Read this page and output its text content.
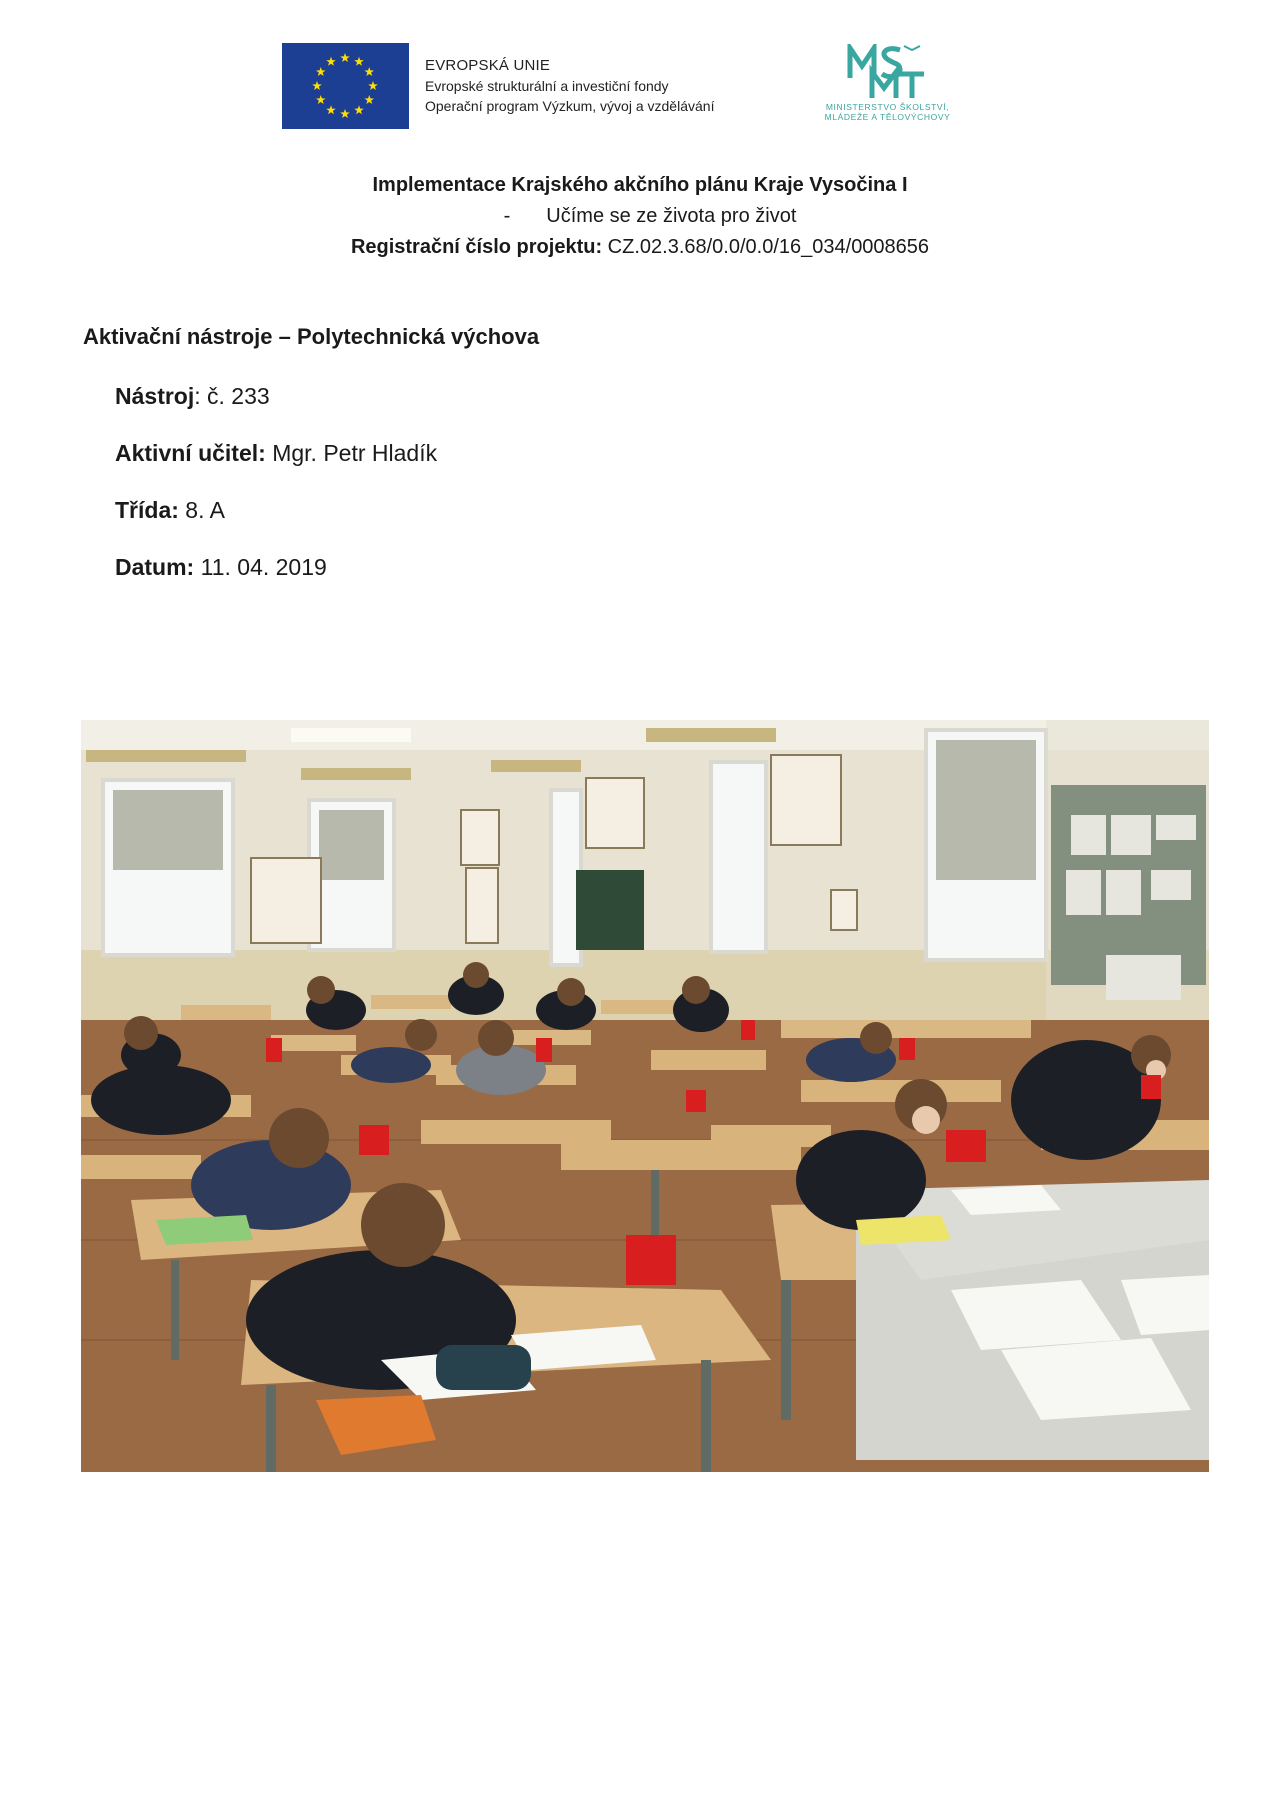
EVROPSKÁ UNIE
Evropské strukturální a investiční fondy
Operační program Výzkum, vývoj a vzdělávání	MINISTERSTVO ŠKOLSTVÍ,
MLÁDEŽE A TĚLOVÝCHOVY
Implementace Krajského akčního plánu Kraje Vysočina I
- Učíme se ze života pro život
Registrační číslo projektu: CZ.02.3.68/0.0/0.0/16_034/0008656
Aktivační nástroje – Polytechnická výchova
Nástroj: č. 233
Aktivní učitel: Mgr. Petr Hladík
Třída: 8. A
Datum: 11. 04. 2019
